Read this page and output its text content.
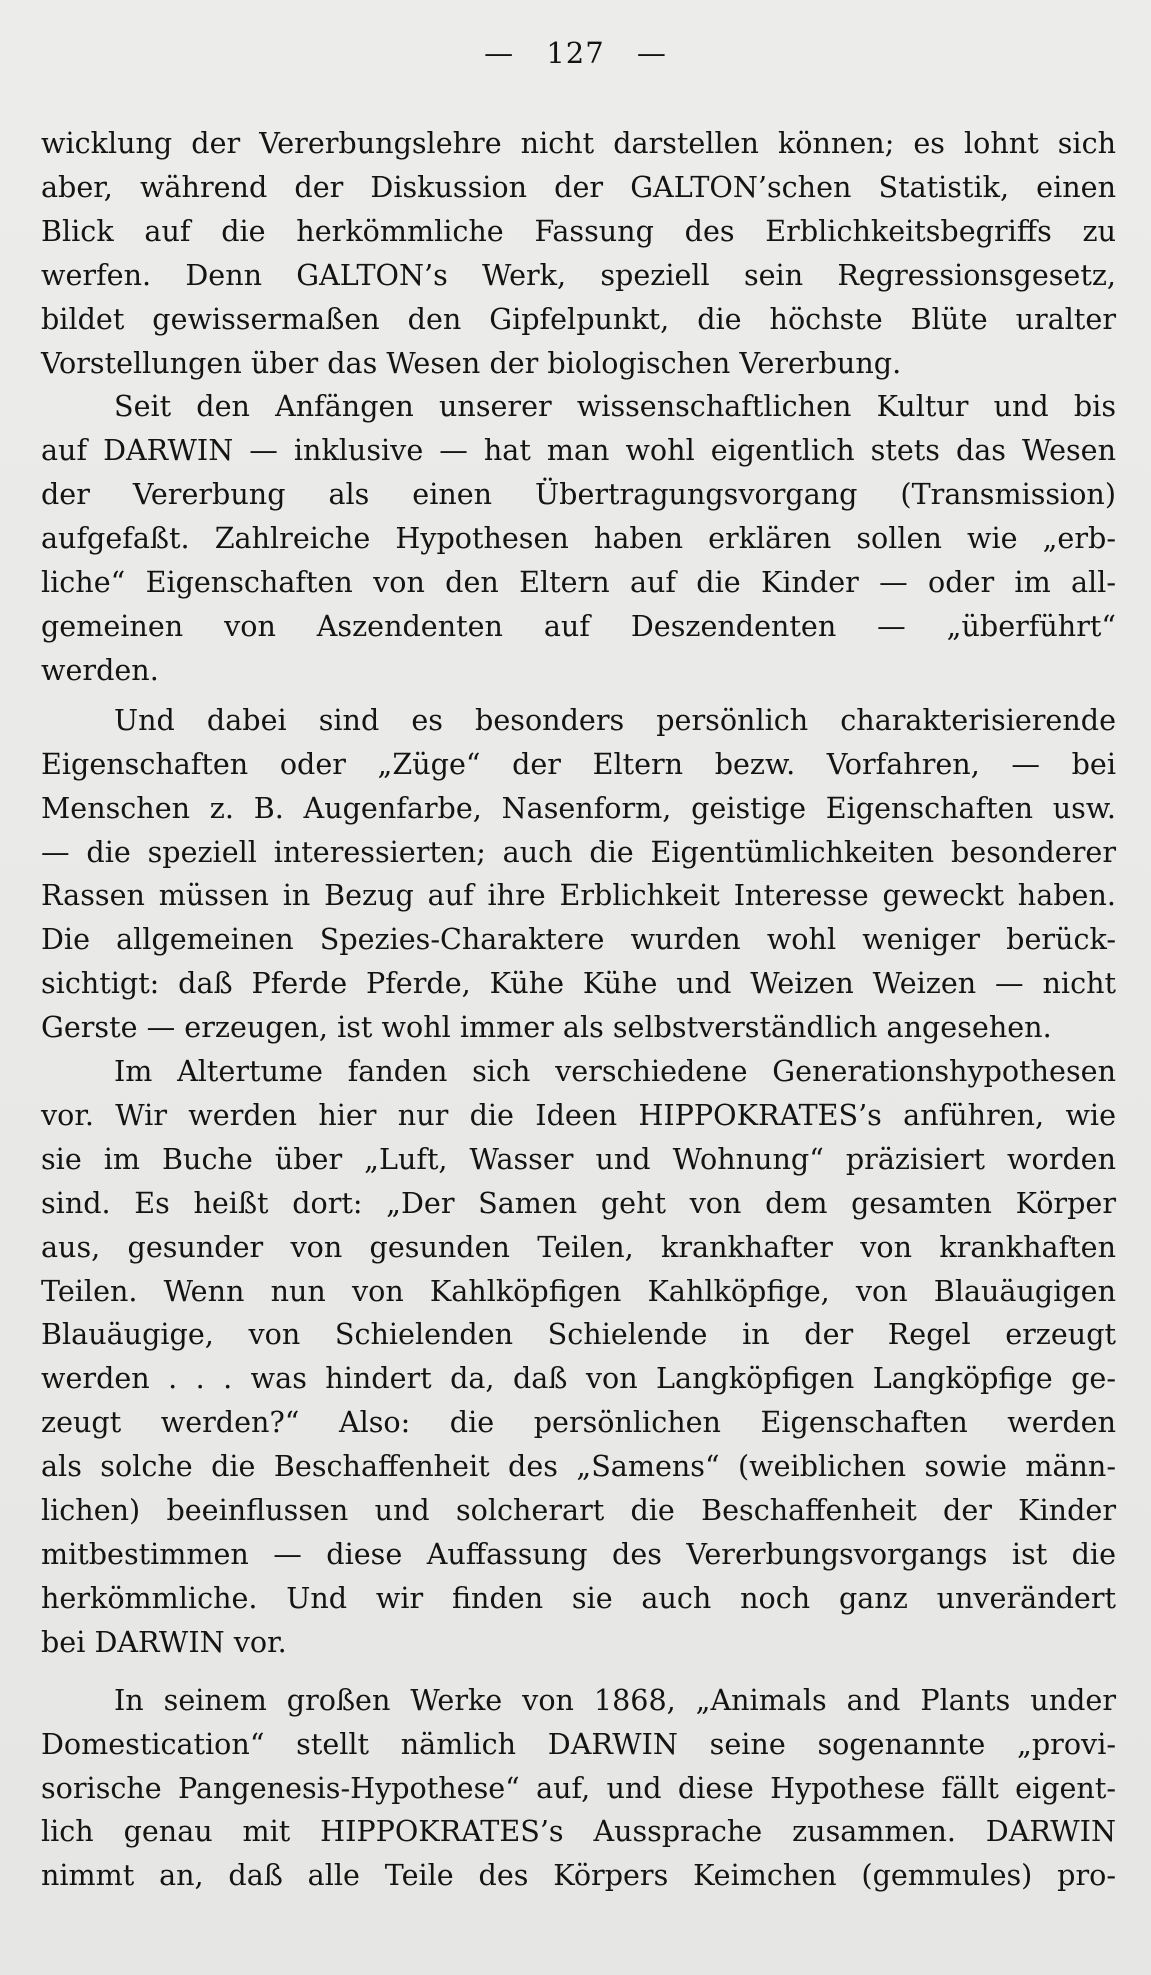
— 127 —
wicklung der Vererbungslehre nicht darstellen können; es lohnt sich
aber, während der Diskussion der GALTON’schen Statistik, einen
Blick auf die herkömmliche Fassung des Erblichkeitsbegriffs zu
werfen. Denn GALTON’s Werk, speziell sein Regressionsgesetz,
bildet gewissermaßen den Gipfelpunkt, die höchste Blüte uralter
Vorstellungen über das Wesen der biologischen Vererbung.
Seit den Anfängen unserer wissenschaftlichen Kultur und bis
auf DARWIN — inklusive — hat man wohl eigentlich stets das Wesen
der Vererbung als einen Übertragungsvorgang (Transmission)
aufgefaßt. Zahlreiche Hypothesen haben erklären sollen wie „erb-
liche“ Eigenschaften von den Eltern auf die Kinder — oder im all-
gemeinen von Aszendenten auf Deszendenten — „überführt“
werden.
Und dabei sind es besonders persönlich charakterisierende
Eigenschaften oder „Züge“ der Eltern bezw. Vorfahren, — bei
Menschen z. B. Augenfarbe, Nasenform, geistige Eigenschaften usw.
— die speziell interessierten; auch die Eigentümlichkeiten besonderer
Rassen müssen in Bezug auf ihre Erblichkeit Interesse geweckt haben.
Die allgemeinen Spezies-Charaktere wurden wohl weniger berück-
sichtigt: daß Pferde Pferde, Kühe Kühe und Weizen Weizen — nicht
Gerste — erzeugen, ist wohl immer als selbstverständlich angesehen.
Im Altertume fanden sich verschiedene Generationshypothesen
vor. Wir werden hier nur die Ideen HIPPOKRATES’s anführen, wie
sie im Buche über „Luft, Wasser und Wohnung“ präzisiert worden
sind. Es heißt dort: „Der Samen geht von dem gesamten Körper
aus, gesunder von gesunden Teilen, krankhafter von krankhaften
Teilen. Wenn nun von Kahlköpfigen Kahlköpfige, von Blauäugigen
Blauäugige, von Schielenden Schielende in der Regel erzeugt
werden . . . was hindert da, daß von Langköpfigen Langköpfige ge-
zeugt werden?“ Also: die persönlichen Eigenschaften werden
als solche die Beschaffenheit des „Samens“ (weiblichen sowie männ-
lichen) beeinflussen und solcherart die Beschaffenheit der Kinder
mitbestimmen — diese Auffassung des Vererbungsvorgangs ist die
herkömmliche. Und wir finden sie auch noch ganz unverändert
bei DARWIN vor.
In seinem großen Werke von 1868, „Animals and Plants under
Domestication“ stellt nämlich DARWIN seine sogenannte „provi-
sorische Pangenesis-Hypothese“ auf, und diese Hypothese fällt eigent-
lich genau mit HIPPOKRATES’s Aussprache zusammen. DARWIN
nimmt an, daß alle Teile des Körpers Keimchen (gemmules) pro-
